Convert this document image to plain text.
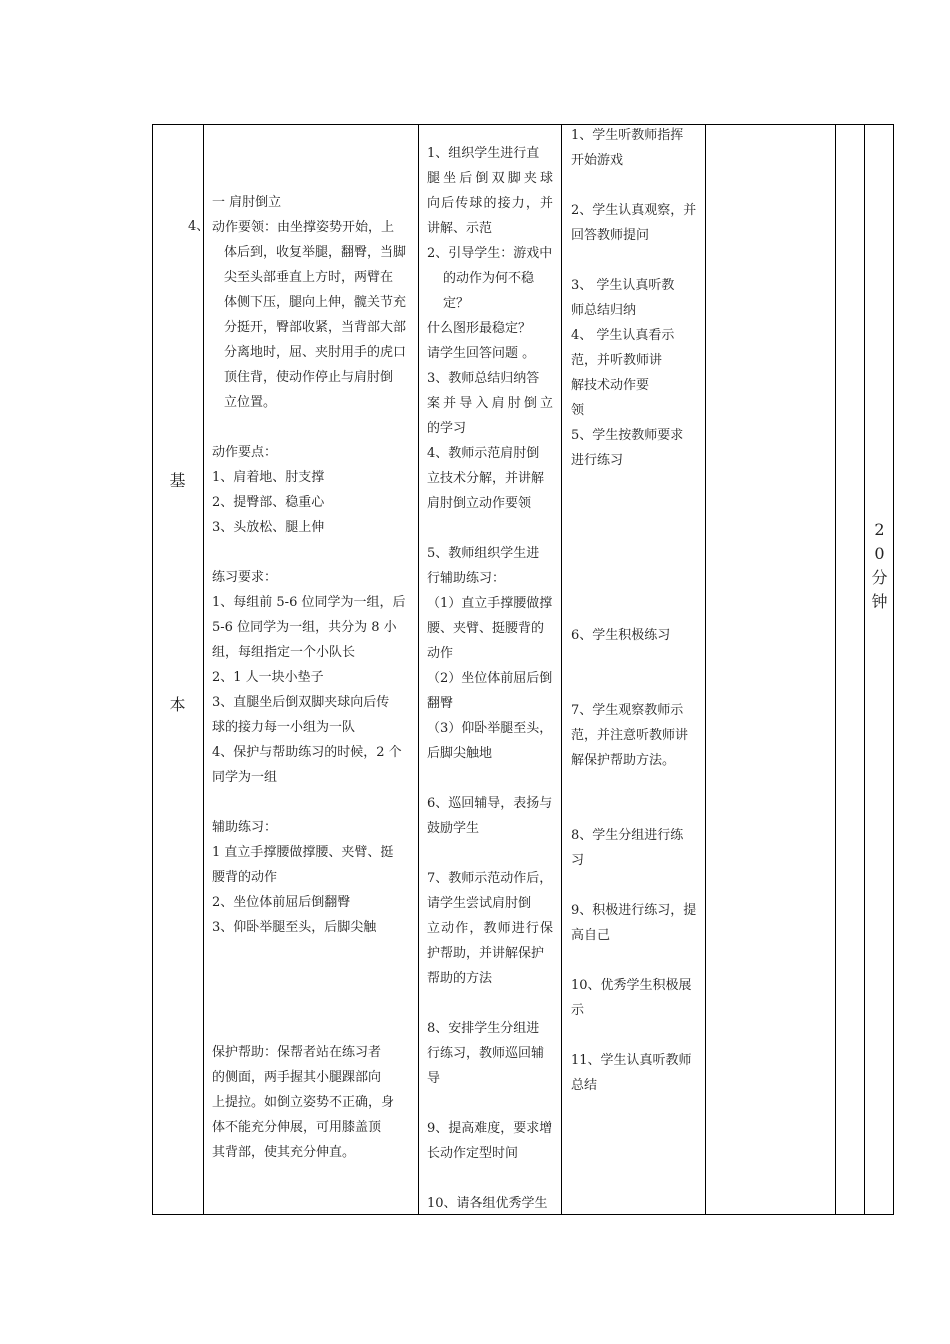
基
本
4、
一 肩肘倒立
动作要领：由坐撑姿势开始，上
体后到，收复举腿，翻臀，当脚
尖至头部垂直上方时，两臂在
体侧下压，腿向上伸，髋关节充
分挺开，臀部收紧，当背部大部
分离地时，屈、夹肘用手的虎口
顶住背，使动作停止与肩肘倒
立位置。
动作要点：
1、肩着地、肘支撑
2、提臀部、稳重心
3、头放松、腿上伸
练习要求：
1、每组前 5-6 位同学为一组，后
5-6 位同学为一组，共分为 8 小
组，每组指定一个小队长
2、1 人一块小垫子
3、直腿坐后倒双脚夹球向后传
球的接力每一小组为一队
4、保护与帮助练习的时候，2 个
同学为一组
辅助练习：
1 直立手撑腰做撑腰、夹臂、挺
腰背的动作
2、坐位体前屈后倒翻臀
3、仰卧举腿至头，后脚尖触
保护帮助：保帮者站在练习者
的侧面，两手握其小腿踝部向
上提拉。如倒立姿势不正确，身
体不能充分伸展，可用膝盖顶
其背部，使其充分伸直。
1、组织学生进行直
腿坐后倒双脚夹球
向后传球的接力，并
讲解、示范
2、引导学生：游戏中
的动作为何不稳
定？
什么图形最稳定？
请学生回答问题 。
3、教师总结归纳答
案并导入肩肘倒立
的学习
4、教师示范肩肘倒
立技术分解，并讲解
肩肘倒立动作要领
5、教师组织学生进
行辅助练习：
（1）直立手撑腰做撑
腰、夹臂、挺腰背的
动作
（2）坐位体前屈后倒
翻臀
（3）仰卧举腿至头，
后脚尖触地
6、巡回辅导，表扬与
鼓励学生
7、教师示范动作后，
请学生尝试肩肘倒
立动作，教师进行保
护帮助，并讲解保护
帮助的方法
8、安排学生分组进
行练习，教师巡回辅
导
9、提高难度，要求增
长动作定型时间
10、请各组优秀学生
1、学生听教师指挥
开始游戏
2、学生认真观察，并
回答教师提问
3、 学生认真听教
师总结归纳
4、 学生认真看示
范，并听教师讲
解技术动作要
领
5、学生按教师要求
进行练习
6、学生积极练习
7、学生观察教师示
范，并注意听教师讲
解保护帮助方法。
8、学生分组进行练
习
9、积极进行练习，提
高自己
10、优秀学生积极展
示
11、学生认真听教师
总结
2
0
分
钟
